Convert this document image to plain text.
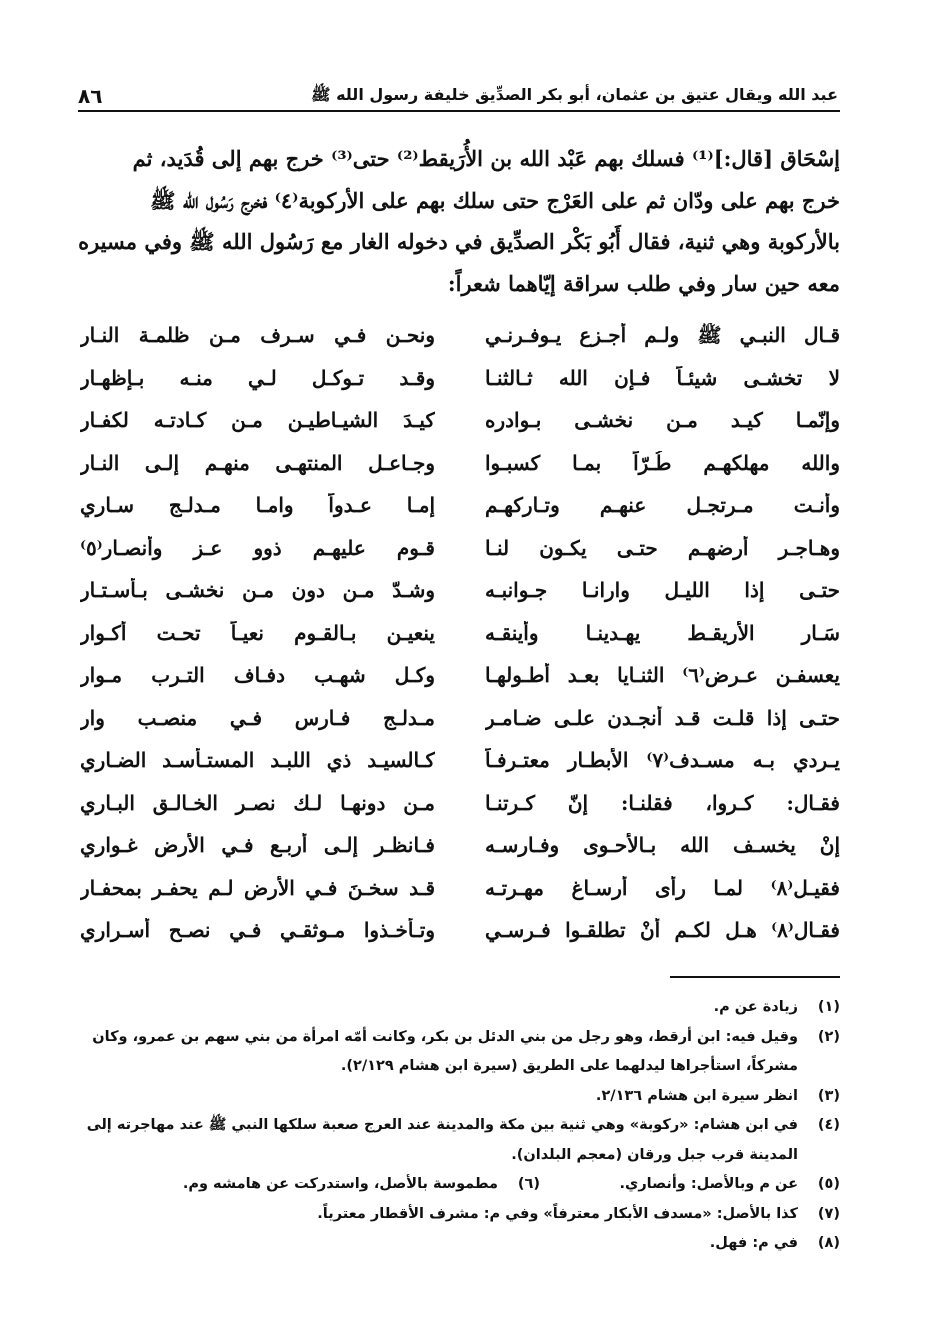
عبد الله ويقال عتيق بن عثمان، أبو بكر الصدِّيق خليفة رسول الله ﷺ
٨٦

إسْحَاق [قال:]⁽¹⁾ فسلك بهم عَبْد الله بن الأُرَيقط⁽²⁾ حتى⁽³⁾ خرج بهم إلى قُدَيد، ثم

خرج بهم على ودّان ثم على العَرْج حتى سلك بهم على الأركوبة⁽٤⁾ فخرج رَسُول الله ﷺ

بالأركوبة وهي ثنية، فقال أَبُو بَكْر الصدِّيق في دخوله الغار مع رَسُول الله ﷺ وفي مسيره

معه حين سار وفي طلب سراقة إيّاهما شعراً:

قـال النبـي ﷺ ولـم أجـزع يـوفـرنـي
ونحـن فـي سـرف مـن ظلمـة النـار
لا تخشـى شيئـاً فـإن الله ثـالثنـا
وقـد تـوكـل لـي منـه بـإظهـار
وإنّمـا كيـد مـن نخشـى بـوادره
كيـدَ الشيـاطيـن مـن كـادتـه لكفـار
والله مهلكهـم طُـرّاً بمـا كسبـوا
وجـاعـل المنتهـى منهـم إلـى النـار
وأنـت مـرتجـل عنهـم وتـاركهـم
إمـا عـدواً وامـا مـدلـج سـاري
وهـاجـر أرضهـم حتـى يكـون لنـا
قـوم عليهـم ذوو عـز وأنصـار⁽٥⁾
حتـى إذا الليـل وارانـا جـوانبـه
وشـدّ مـن دون مـن نخشـى بـأسـتـار
سَـار الأريقـط يهـدينـا وأينقـه
ينعيـن بـالقـوم نعيـاً تحـت أكـوار
يعسفـن عـرض⁽٦⁾ الثنـايا بعـد أطـولهـا
وكـل شهـب دفـاف التـرب مـوار
حتـى إذا قلـت قـد أنجـدن علـى ضـامـر
مـدلـج فـارس فـي منصـب وار
يـردي بـه مسـدف⁽٧⁾ الأبطـار معتـرفـاً
كـالسيـد ذي اللبـد المستـأسـد الضـاري
فقـال: كـروا، فقلنـا: إنّ كـرتنـا
مـن دونهـا لـك نصـر الخـالـق البـاري
إنْ يخسـف الله بـالأحـوى وفـارسـه
فـانظـر إلـى أربـع فـي الأرض غـواري
فقيـل⁽٨⁾ لمـا رأى أرسـاغ مهـرتـه
قـد سخـنَ فـي الأرض لـم يحفـر بمحفـار
فقـال⁽٨⁾ هـل لكـم أنْ تطلقـوا فـرسـي
وتـأخـذوا مـوثقـي فـي نصـح أسـراري
(١)
زيادة عن م.
(٢)
وقيل فيه: ابن أرقط، وهو رجل من بني الدئل بن بكر، وكانت أمّه امرأة من بني سهم بن عمرو، وكان مشركاً، استأجراها ليدلهما على الطريق (سيرة ابن هشام ٢/١٢٩).
(٣)
انظر سيرة ابن هشام ٢/١٣٦.
(٤)
في ابن هشام: «ركوبة» وهي ثنية بين مكة والمدينة عند العرج صعبة سلكها النبي ﷺ عند مهاجرته إلى المدينة قرب جبل ورقان (معجم البلدان).
(٥)
عن م وبالأصل: وأنصاري.
(٦)
مطموسة بالأصل، واستدركت عن هامشه وم.
(٧)
كذا بالأصل: «مسدف الأبكار معترفاً» وفي م: مشرف الأقطار معترياً.
(٨)
في م: فهل.
